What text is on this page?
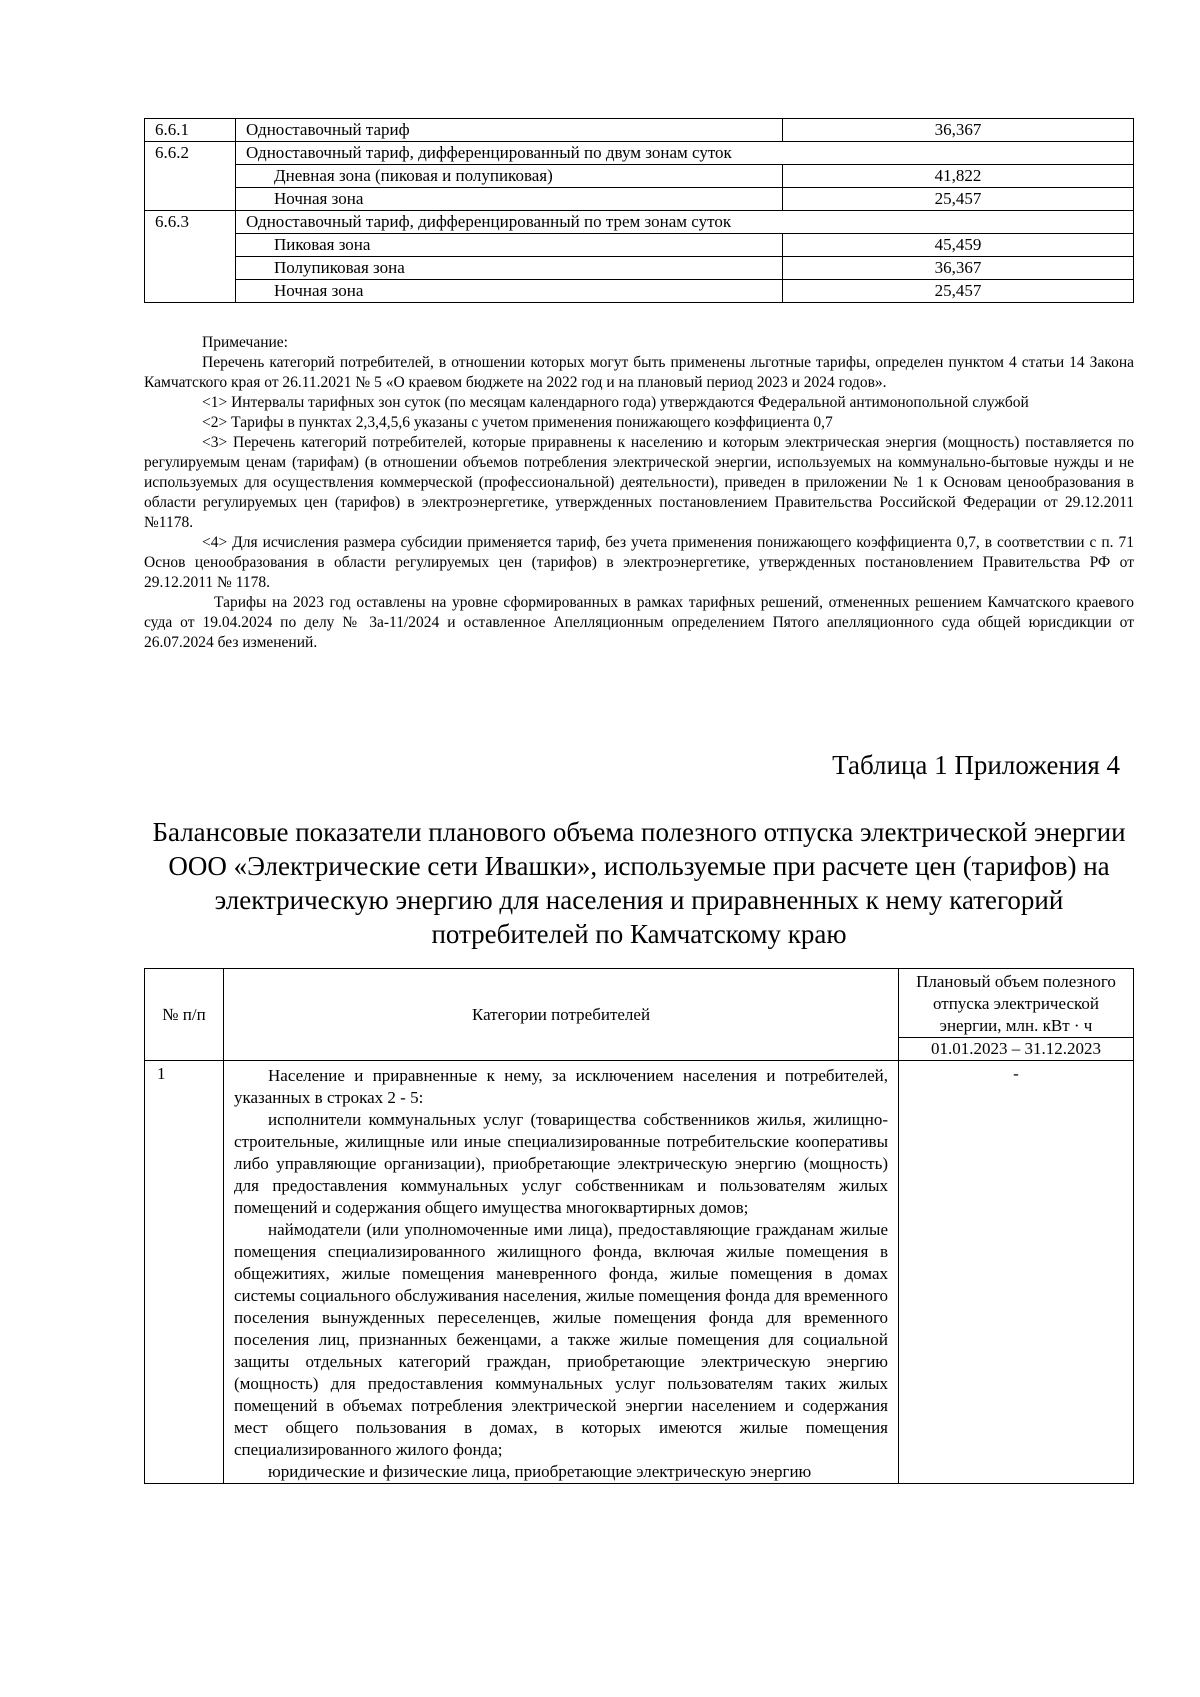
6.6.1	Одноставочный тариф	36,367
6.6.2	Одноставочный тариф, дифференцированный по двум зонам суток	
	Дневная зона (пиковая и полупиковая)	41,822
	Ночная зона	25,457
6.6.3	Одноставочный тариф, дифференцированный по трем зонам суток	
	Пиковая зона	45,459
	Полупиковая зона	36,367
	Ночная зона	25,457

Примечание:

Перечень категорий потребителей, в отношении которых могут быть применены льготные тарифы, определен пунктом 4 статьи 14 Закона Камчатского края от 26.11.2021 № 5 «О краевом бюджете на 2022 год и на плановый период 2023 и 2024 годов».

<1> Интервалы тарифных зон суток (по месяцам календарного года) утверждаются Федеральной антимонопольной службой

<2> Тарифы в пунктах 2,3,4,5,6 указаны с учетом применения понижающего коэффициента 0,7

<3> Перечень категорий потребителей, которые приравнены к населению и которым электрическая энергия (мощность) поставляется по регулируемым ценам (тарифам) (в отношении объемов потребления электрической энергии, используемых на коммунально-бытовые нужды и не используемых для осуществления коммерческой (профессиональной) деятельности), приведен в приложении № 1 к Основам ценообразования в области регулируемых цен (тарифов) в электроэнергетике, утвержденных постановлением Правительства Российской Федерации от 29.12.2011 №1178.

<4> Для исчисления размера субсидии применяется тариф, без учета применения понижающего коэффициента 0,7, в соответствии с п. 71 Основ ценообразования в области регулируемых цен (тарифов) в электроэнергетике, утвержденных постановлением Правительства РФ от 29.12.2011 № 1178.

Тарифы на 2023 год оставлены на уровне сформированных в рамках тарифных решений, отмененных решением Камчатского краевого суда от 19.04.2024 по делу № 3а-11/2024 и оставленное Апелляционным определением Пятого апелляционного суда общей юрисдикции от 26.07.2024 без изменений.

Таблица 1 Приложения 4
Балансовые показатели планового объема полезного отпуска электрической энергии ООО «Электрические сети Ивашки», используемые при расчете цен (тарифов) на электрическую энергию для населения и приравненных к нему категорий потребителей по Камчатскому краю
№ п/п	Категории потребителей	Плановый объем полезного отпуска электрической энергии, млн. кВт · ч
		01.01.2023 – 31.12.2023
1	Население и приравненные к нему, за исключением населения и потребителей, указанных в строках 2 - 5:

исполнители коммунальных услуг (товарищества собственников жилья, жилищно-строительные, жилищные или иные специализированные потребительские кооперативы либо управляющие организации), приобретающие электрическую энергию (мощность) для предоставления коммунальных услуг собственникам и пользователям жилых помещений и содержания общего имущества многоквартирных домов;

наймодатели (или уполномоченные ими лица), предоставляющие гражданам жилые помещения специализированного жилищного фонда, включая жилые помещения в общежитиях, жилые помещения маневренного фонда, жилые помещения в домах системы социального обслуживания населения, жилые помещения фонда для временного поселения вынужденных переселенцев, жилые помещения фонда для временного поселения лиц, признанных беженцами, а также жилые помещения для социальной защиты отдельных категорий граждан, приобретающие электрическую энергию (мощность) для предоставления коммунальных услуг пользователям таких жилых помещений в объемах потребления электрической энергии населением и содержания мест общего пользования в домах, в которых имеются жилые помещения специализированного жилого фонда;

юридические и физические лица, приобретающие электрическую энергию	-
